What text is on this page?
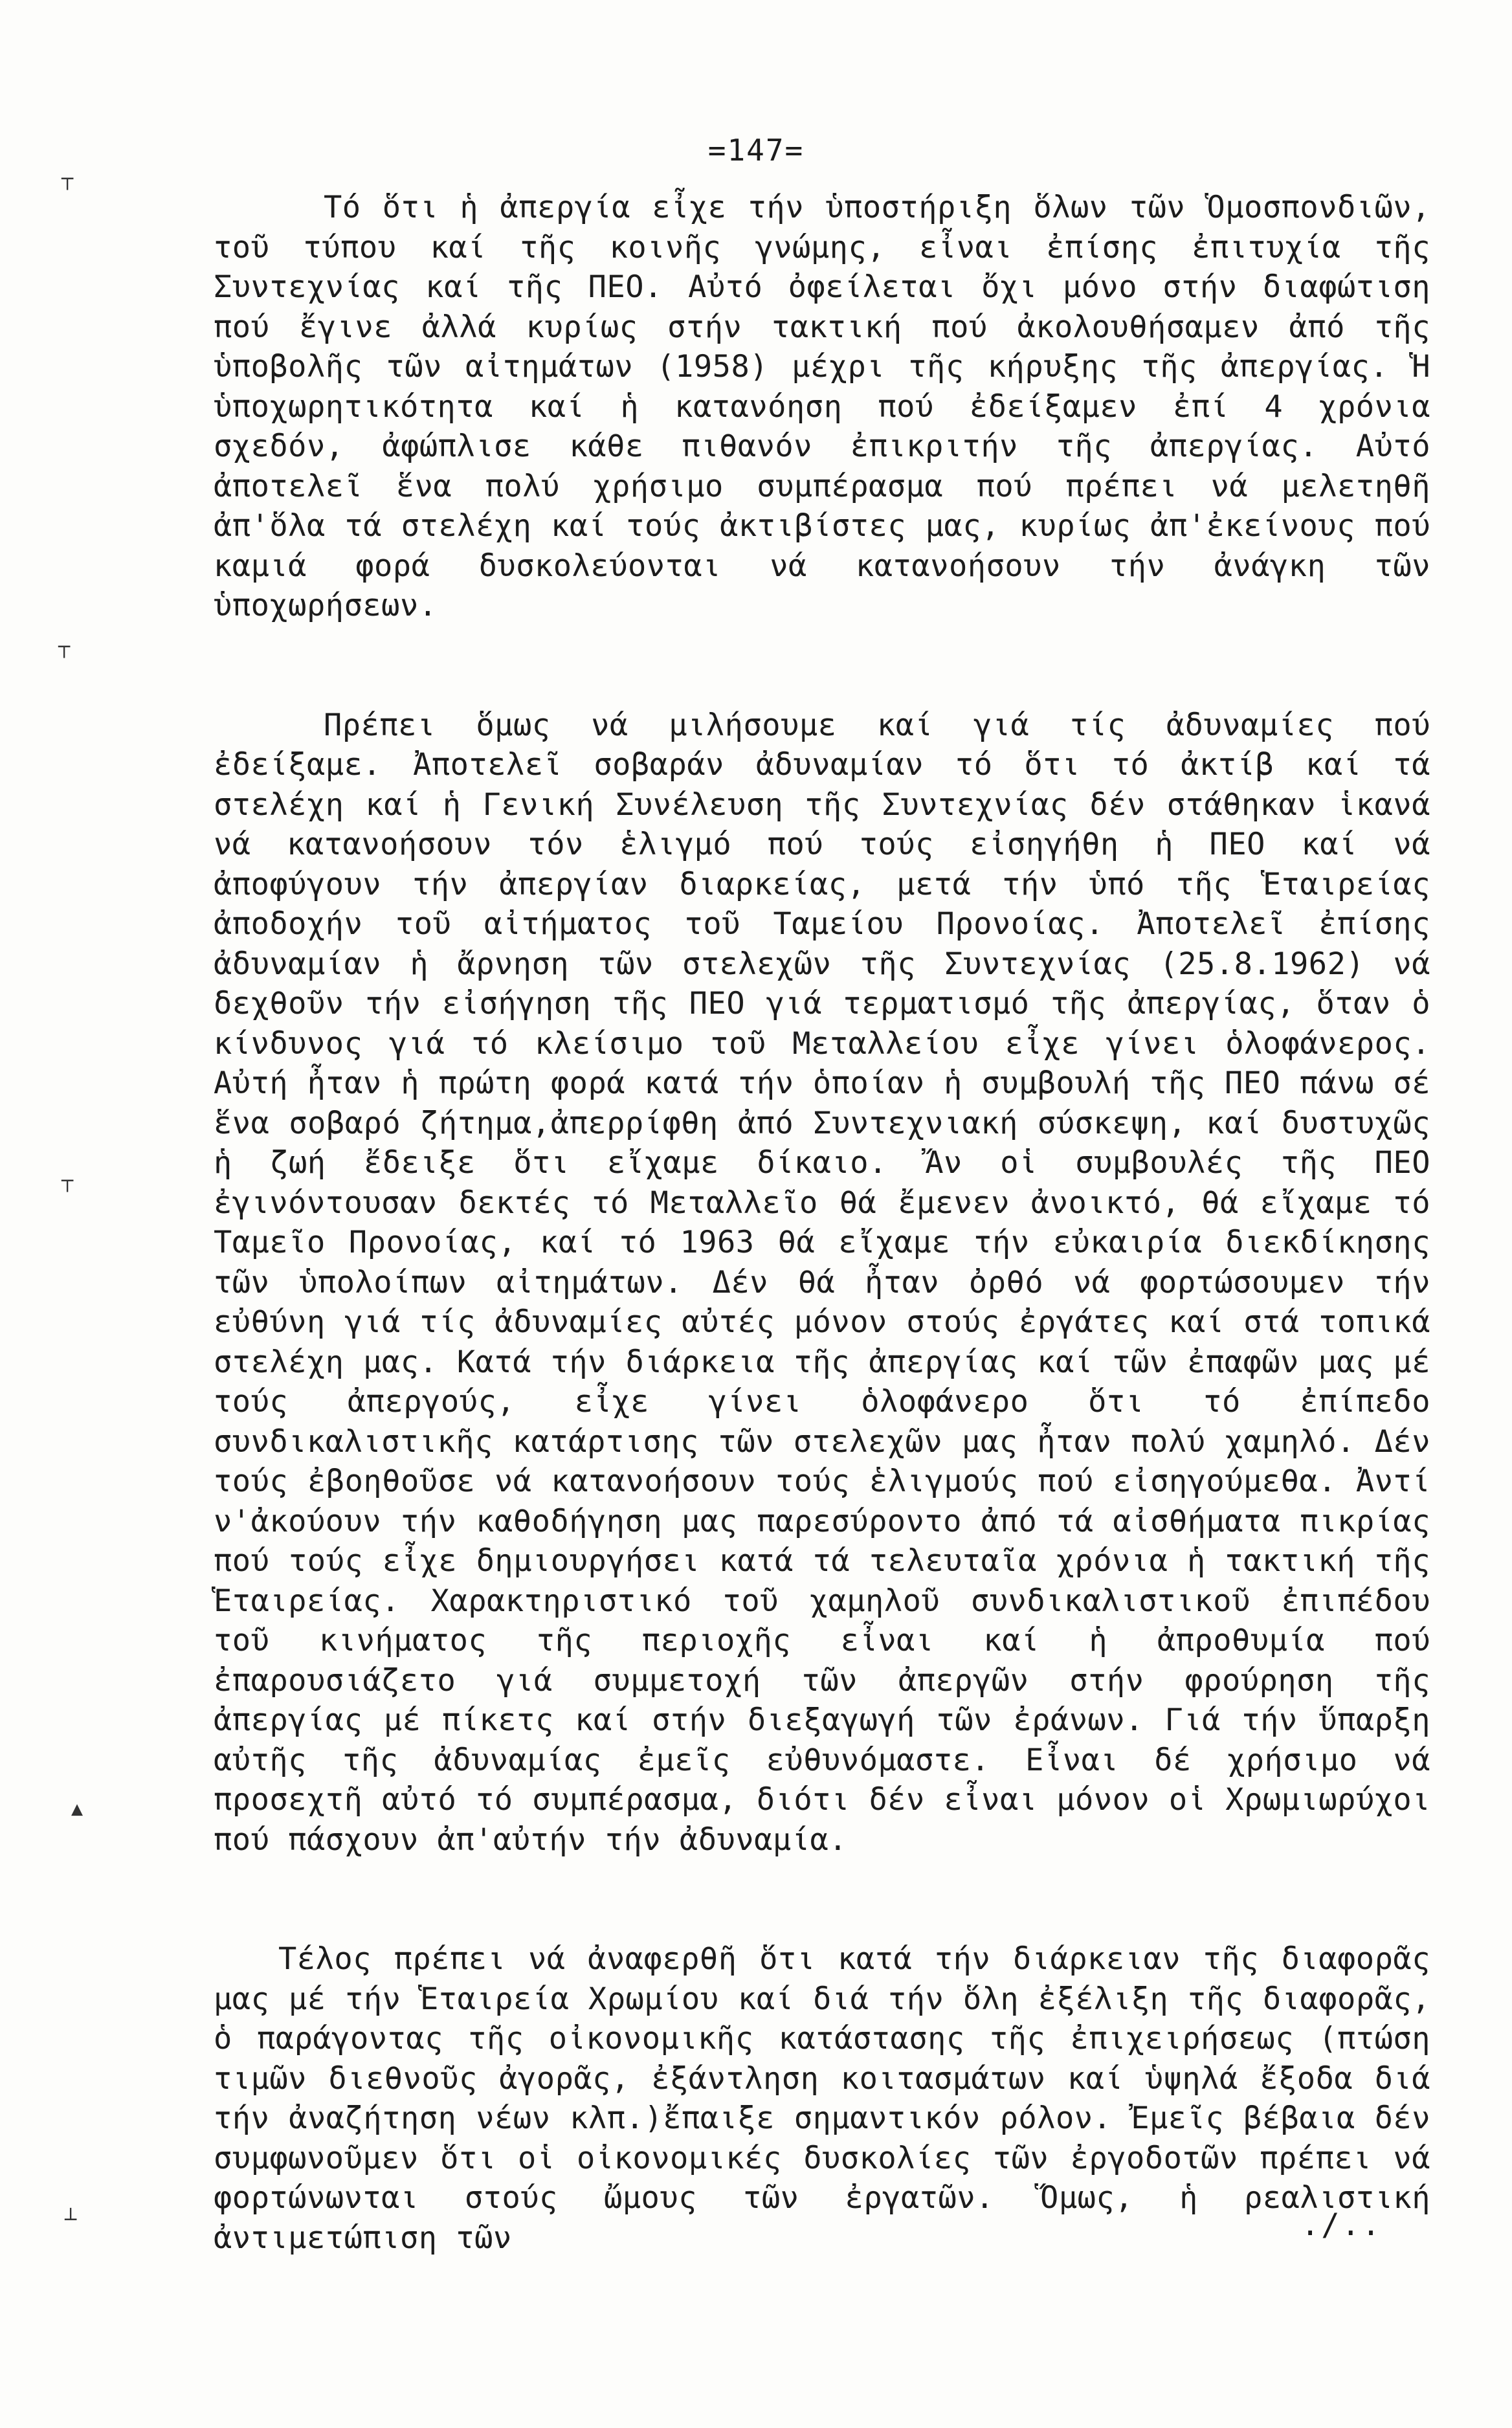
┬
┬
┬
▲
┴
=147=

Τό ὅτι ἡ ἀπεργία εἶχε τήν ὑποστήριξη ὅλων τῶν Ὁμοσπονδιῶν, τοῦ τύπου καί τῆς κοινῆς γνώμης, εἶναι ἐπίσης ἐπιτυχία τῆς Συντεχνίας καί τῆς ΠΕΟ. Αὐτό ὀφείλεται ὄχι μόνο στήν διαφώτιση πού ἔγινε ἀλλά κυρίως στήν τακτική πού ἀκολουθήσαμεν ἀπό τῆς ὑποβολῆς τῶν αἰτημάτων (1958) μέχρι τῆς κήρυξης τῆς ἀπεργίας. Ἡ ὑποχωρητικότητα καί ἡ κατανόηση πού ἐδείξαμεν ἐπί 4 χρόνια σχεδόν, ἀφώπλισε κάθε πιθανόν ἐπικριτήν τῆς ἀπεργίας. Αὐτό ἀποτελεῖ ἕνα πολύ χρήσιμο συμπέρασμα πού πρέπει νά μελετηθῆ ἀπ'ὅλα τά στελέχη καί τούς ἀκτιβίστες μας, κυρίως ἀπ'ἐκείνους πού καμιά φορά δυσκολεύονται νά κατανοήσουν τήν ἀνάγκη τῶν ὑποχωρήσεων.

Πρέπει ὅμως νά μιλήσουμε καί γιά τίς ἀδυναμίες πού ἐδείξαμε. Ἀποτελεῖ σοβαράν ἀδυναμίαν τό ὅτι τό ἀκτίβ καί τά στελέχη καί ἡ Γενική Συνέλευση τῆς Συντεχνίας δέν στάθηκαν ἱκανά νά κατανοήσουν τόν ἑλιγμό πού τούς εἰσηγήθη ἡ ΠΕΟ καί νά ἀποφύγουν τήν ἀπεργίαν διαρκείας, μετά τήν ὑπό τῆς Ἑταιρείας ἀποδοχήν τοῦ αἰτήματος τοῦ Ταμείου Προνοίας. Ἀποτελεῖ ἐπίσης ἀδυναμίαν ἡ ἄρνηση τῶν στελεχῶν τῆς Συντεχνίας (25.8.1962) νά δεχθοῦν τήν εἰσήγηση τῆς ΠΕΟ γιά τερματισμό τῆς ἀπεργίας, ὅταν ὁ κίνδυνος γιά τό κλείσιμο τοῦ Μεταλλείου εἶχε γίνει ὁλοφάνερος. Αὐτή ἦταν ἡ πρώτη φορά κατά τήν ὁποίαν ἡ συμβουλή τῆς ΠΕΟ πάνω σέ ἕνα σοβαρό ζήτημα,ἀπερρίφθη ἀπό Συντεχνιακή σύσκεψη, καί δυστυχῶς ἡ ζωή ἔδειξε ὅτι εἴχαμε δίκαιο. Ἄν οἱ συμβουλές τῆς ΠΕΟ ἐγινόντουσαν δεκτές τό Μεταλλεῖο θά ἔμενεν ἀνοικτό, θά εἴχαμε τό Ταμεῖο Προνοίας, καί τό 1963 θά εἴχαμε τήν εὐκαιρία διεκδίκησης τῶν ὑπολοίπων αἰτημάτων. Δέν θά ἦταν ὀρθό νά φορτώσουμεν τήν εὐθύνη γιά τίς ἀδυναμίες αὐτές μόνον στούς ἐργάτες καί στά τοπικά στελέχη μας. Κατά τήν διάρκεια τῆς ἀπεργίας καί τῶν ἐπαφῶν μας μέ τούς ἀπεργούς, εἶχε γίνει ὁλοφάνερο ὅτι τό ἐπίπεδο συνδικαλιστικῆς κατάρτισης τῶν στελεχῶν μας ἦταν πολύ χαμηλό. Δέν τούς ἐβοηθοῦσε νά κατανοήσουν τούς ἑλιγμούς πού εἰσηγούμεθα. Ἀντί ν'ἀκούουν τήν καθοδήγηση μας παρεσύροντο ἀπό τά αἰσθήματα πικρίας πού τούς εἶχε δημιουργήσει κατά τά τελευταῖα χρόνια ἡ τακτική τῆς Ἑταιρείας. Χαρακτηριστικό τοῦ χαμηλοῦ συνδικαλιστικοῦ ἐπιπέδου τοῦ κινήματος τῆς περιοχῆς εἶναι καί ἡ ἀπροθυμία πού ἐπαρουσιάζετο γιά συμμετοχή τῶν ἀπεργῶν στήν φρούρηση τῆς ἀπεργίας μέ πίκετς καί στήν διεξαγωγή τῶν ἐράνων. Γιά τήν ὕπαρξη αὐτῆς τῆς ἀδυναμίας ἐμεῖς εὐθυνόμαστε. Εἶναι δέ χρήσιμο νά προσεχτῆ αὐτό τό συμπέρασμα, διότι δέν εἶναι μόνον οἱ Χρωμιωρύχοι πού πάσχουν ἀπ'αὐτήν τήν ἀδυναμία.

Τέλος πρέπει νά ἀναφερθῆ ὅτι κατά τήν διάρκειαν τῆς διαφορᾶς μας μέ τήν Ἑταιρεία Χρωμίου καί διά τήν ὅλη ἐξέλιξη τῆς διαφορᾶς, ὁ παράγοντας τῆς οἰκονομικῆς κατάστασης τῆς ἐπιχειρήσεως (πτώση τιμῶν διεθνοῦς ἀγορᾶς, ἐξάντληση κοιτασμάτων καί ὑψηλά ἔξοδα διά τήν ἀναζήτηση νέων κλπ.)ἔπαιξε σημαντικόν ρόλον. Ἐμεῖς βέβαια δέν συμφωνοῦμεν ὅτι οἱ οἰκονομικές δυσκολίες τῶν ἐργοδοτῶν πρέπει νά φορτώνωνται στούς ὤμους τῶν ἐργατῶν. Ὅμως, ἡ ρεαλιστική ἀντιμετώπιση τῶν	./..
